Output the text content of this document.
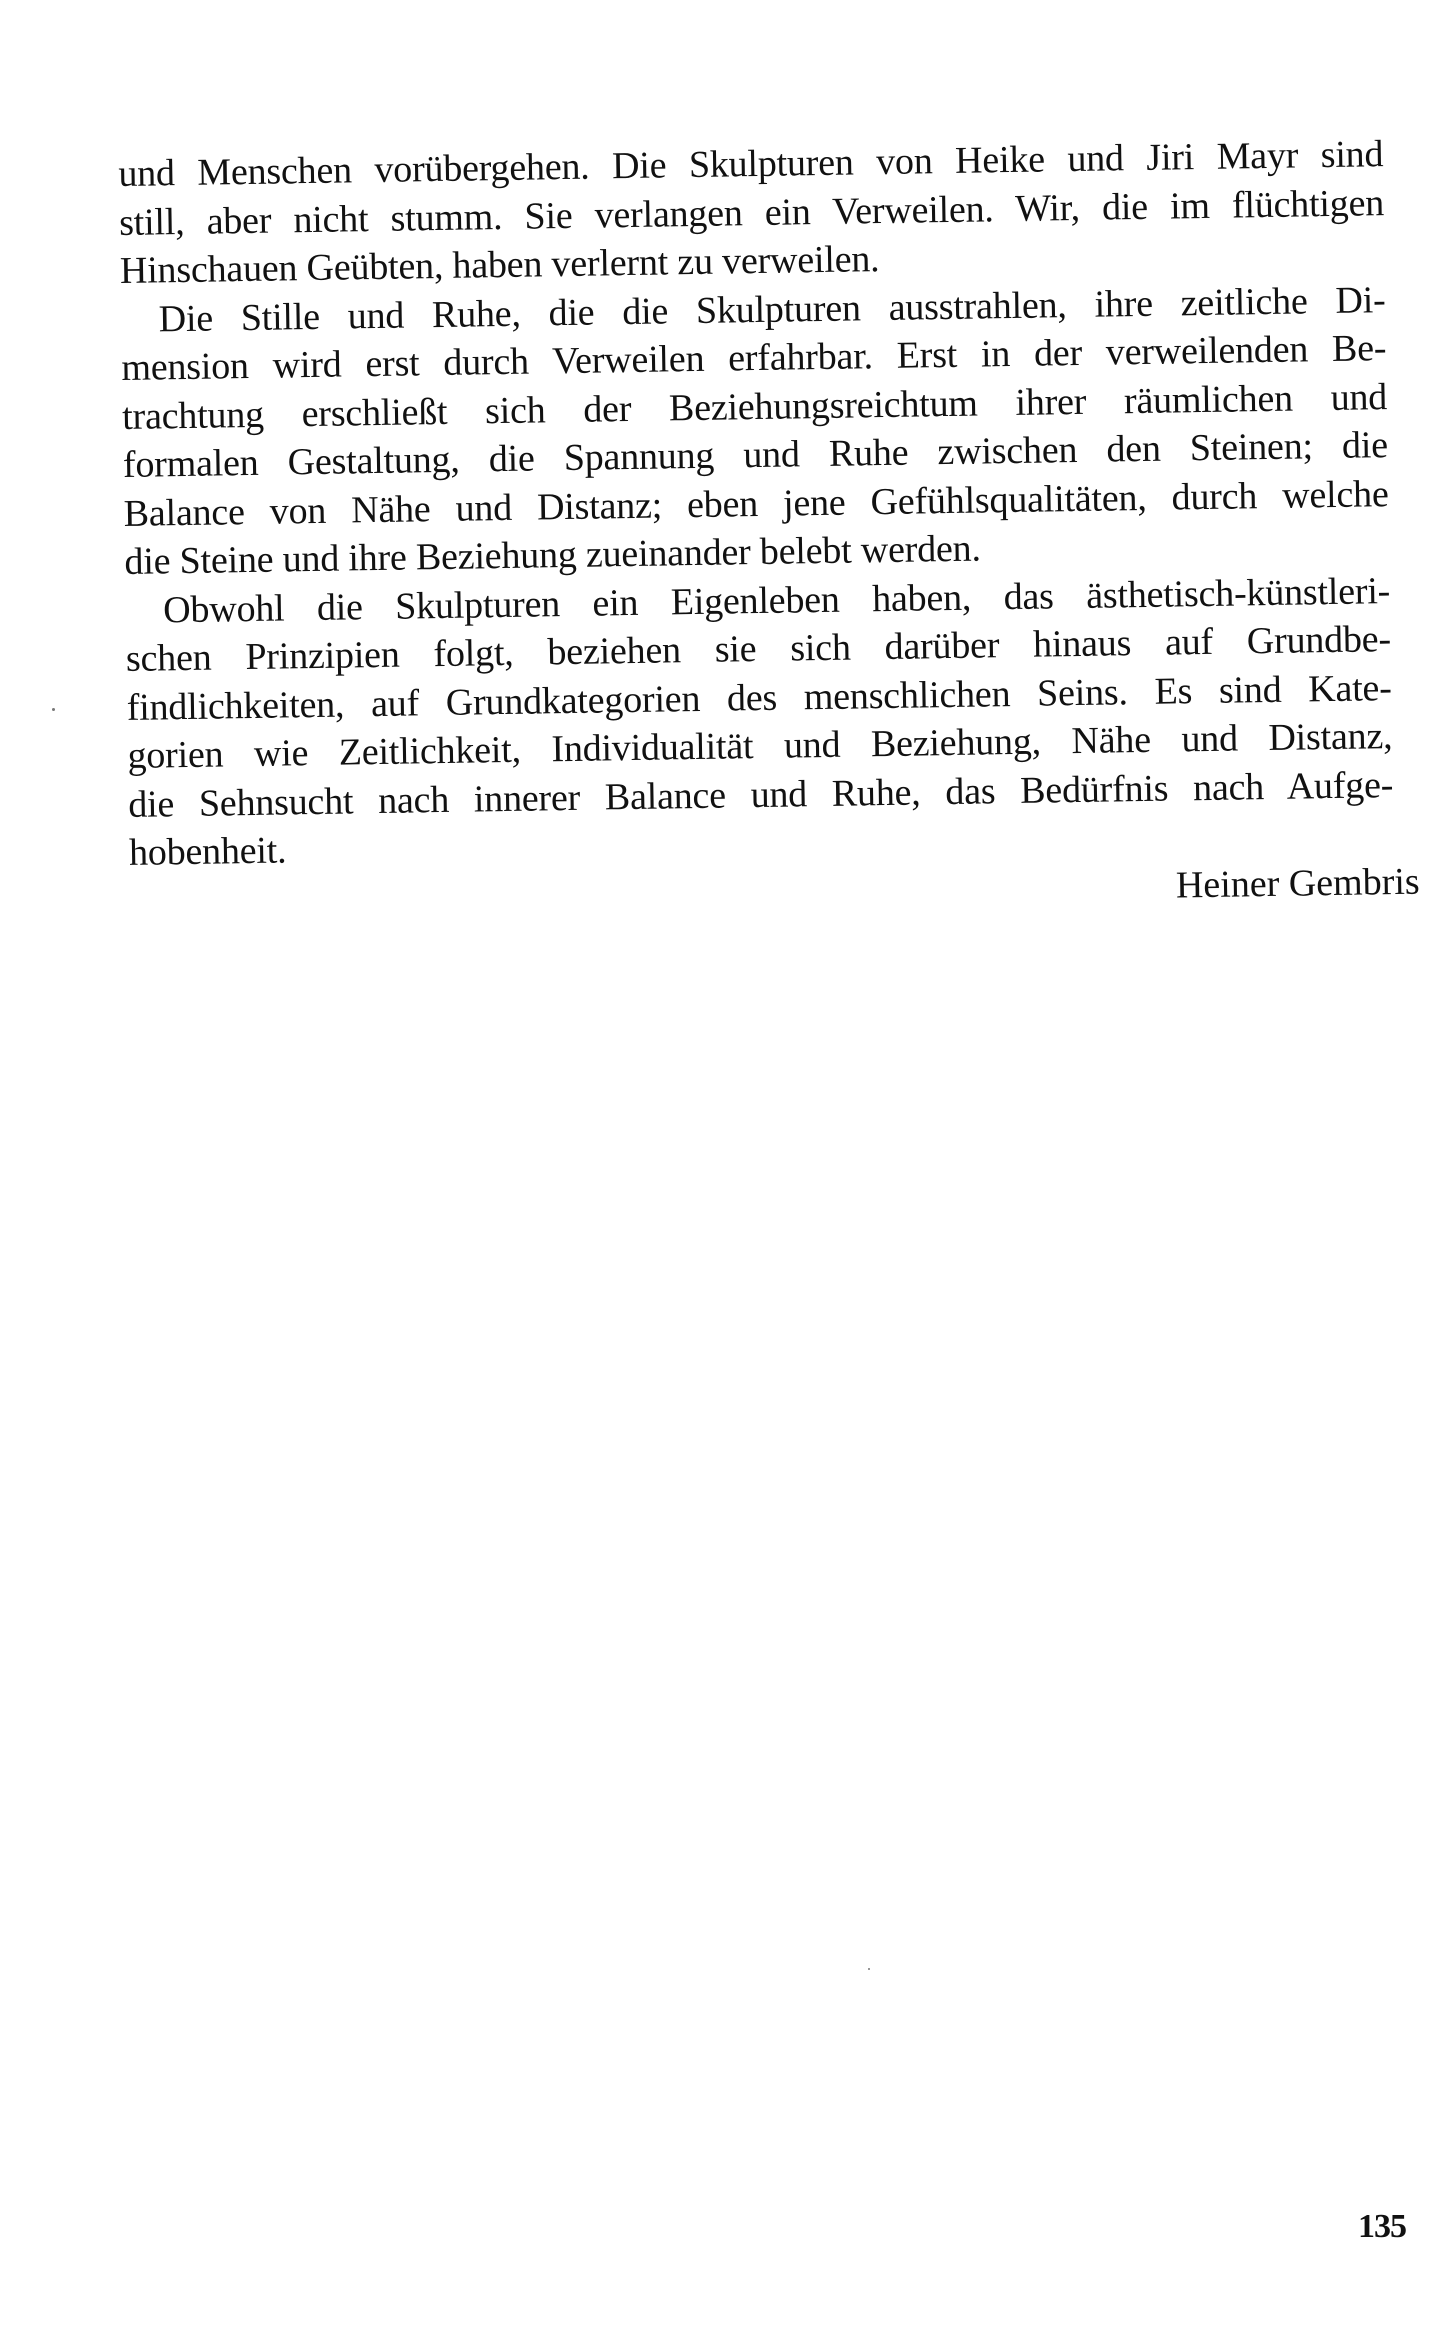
und Menschen vorübergehen. Die Skulpturen von Heike und Jiri Mayr sind
still, aber nicht stumm. Sie verlangen ein Verweilen. Wir, die im flüchtigen
Hinschauen Geübten, haben verlernt zu verweilen.
Die Stille und Ruhe, die die Skulpturen ausstrahlen, ihre zeitliche Di-
mension wird erst durch Verweilen erfahrbar. Erst in der verweilenden Be-
trachtung erschließt sich der Beziehungsreichtum ihrer räumlichen und
formalen Gestaltung, die Spannung und Ruhe zwischen den Steinen; die
Balance von Nähe und Distanz; eben jene Gefühlsqualitäten, durch welche
die Steine und ihre Beziehung zueinander belebt werden.
Obwohl die Skulpturen ein Eigenleben haben, das ästhetisch-künstleri-
schen Prinzipien folgt, beziehen sie sich darüber hinaus auf Grundbe-
findlichkeiten, auf Grundkategorien des menschlichen Seins. Es sind Kate-
gorien wie Zeitlichkeit, Individualität und Beziehung, Nähe und Distanz,
die Sehnsucht nach innerer Balance und Ruhe, das Bedürfnis nach Aufge-
hobenheit.
Heiner Gembris
135
